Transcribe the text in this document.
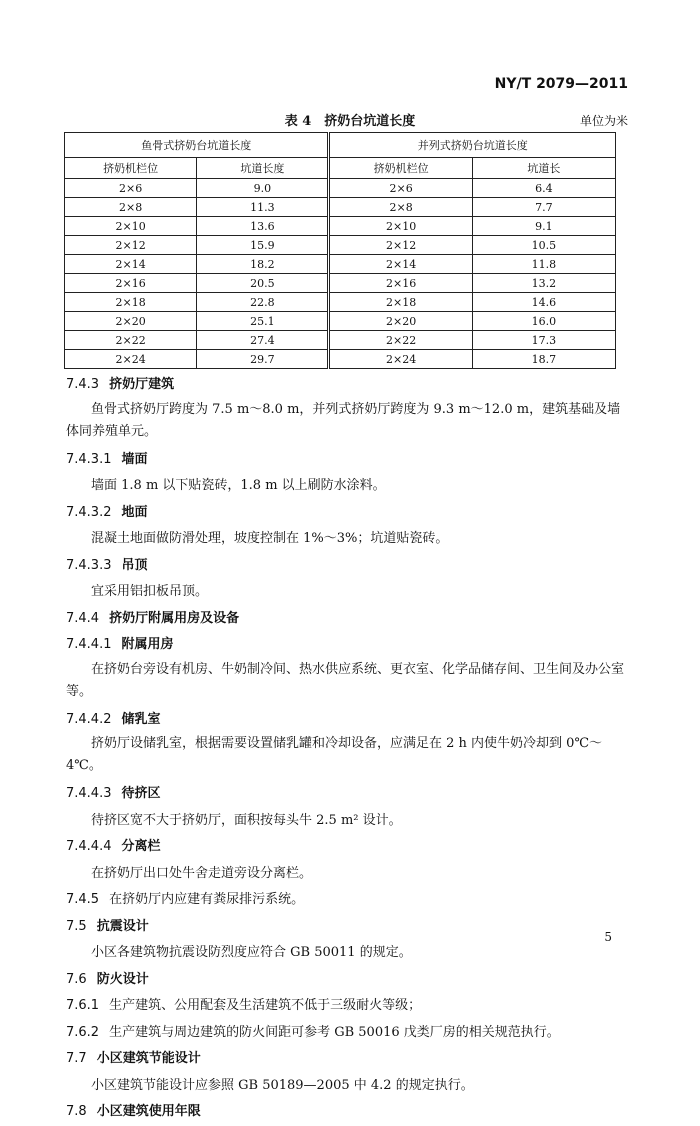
NY/T 2079—2011
表 4　挤奶台坑道长度	单位为米
鱼骨式挤奶台坑道长度		并列式挤奶台坑道长度	
挤奶机栏位	坑道长度	挤奶机栏位	坑道长
2×6	9.0	2×6	6.4
2×8	11.3	2×8	7.7
2×10	13.6	2×10	9.1
2×12	15.9	2×12	10.5
2×14	18.2	2×14	11.8
2×16	20.5	2×16	13.2
2×18	22.8	2×18	14.6
2×20	25.1	2×20	16.0
2×22	27.4	2×22	17.3
2×24	29.7	2×24	18.7
7.4.3 挤奶厅建筑
鱼骨式挤奶厅跨度为 7.5 m～8.0 m，并列式挤奶厅跨度为 9.3 m～12.0 m，建筑基础及墙体同养殖单元。
7.4.3.1 墙面
墙面 1.8 m 以下贴瓷砖，1.8 m 以上刷防水涂料。
7.4.3.2 地面
混凝土地面做防滑处理，坡度控制在 1%～3%；坑道贴瓷砖。
7.4.3.3 吊顶
宜采用铝扣板吊顶。
7.4.4 挤奶厅附属用房及设备
7.4.4.1 附属用房
在挤奶台旁设有机房、牛奶制冷间、热水供应系统、更衣室、化学品储存间、卫生间及办公室等。
7.4.4.2 储乳室
挤奶厅设储乳室，根据需要设置储乳罐和冷却设备，应满足在 2 h 内使牛奶冷却到 0℃～4℃。
7.4.4.3 待挤区
待挤区宽不大于挤奶厅，面积按每头牛 2.5 m² 设计。
7.4.4.4 分离栏
在挤奶厅出口处牛舍走道旁设分离栏。
7.4.5 在挤奶厅内应建有粪尿排污系统。
7.5 抗震设计
小区各建筑物抗震设防烈度应符合 GB 50011 的规定。
7.6 防火设计
7.6.1 生产建筑、公用配套及生活建筑不低于三级耐火等级；
7.6.2 生产建筑与周边建筑的防火间距可参考 GB 50016 戊类厂房的相关规范执行。
7.7 小区建筑节能设计
小区建筑节能设计应参照 GB 50189—2005 中 4.2 的规定执行。
7.8 小区建筑使用年限
5
